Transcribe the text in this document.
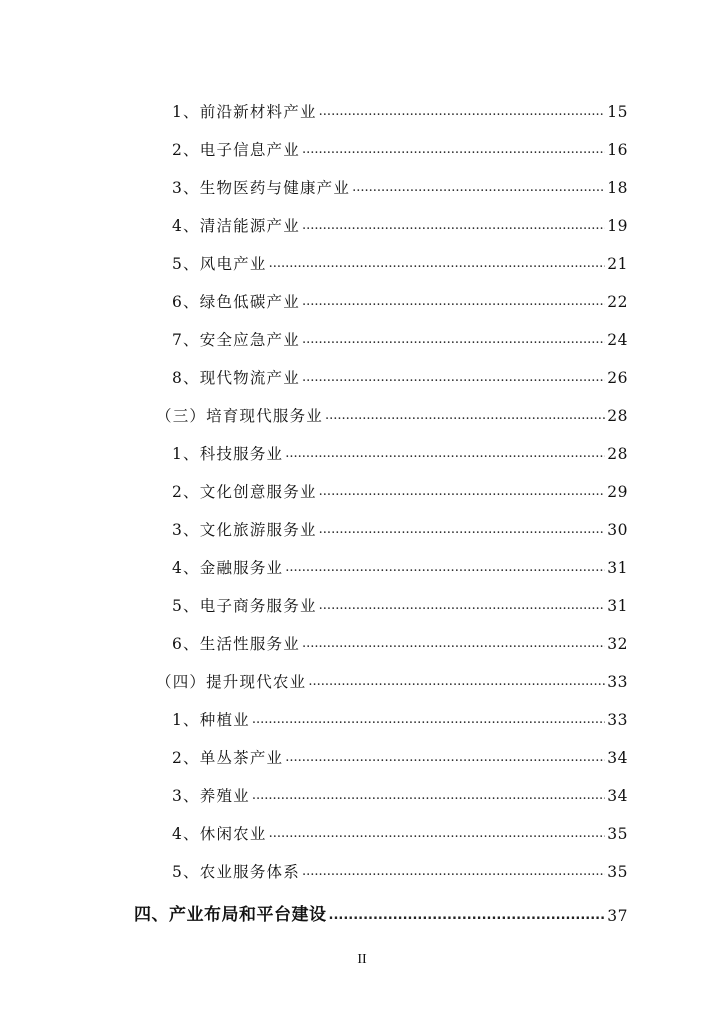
1、前沿新材料产业 .....	15
2、电子信息产业 .....	16
3、生物医药与健康产业 .....	18
4、清洁能源产业 .....	19
5、风电产业 .....	21
6、绿色低碳产业 .....	22
7、安全应急产业 .....	24
8、现代物流产业 .....	26
（三）培育现代服务业 .....	28
1、科技服务业 .....	28
2、文化创意服务业 .....	29
3、文化旅游服务业 .....	30
4、金融服务业 .....	31
5、电子商务服务业 .....	31
6、生活性服务业 .....	32
（四）提升现代农业 .....	33
1、种植业 .....	33
2、单丛茶产业 .....	34
3、养殖业 .....	34
4、休闲农业 .....	35
5、农业服务体系 .....	35
四、产业布局和平台建设 .....	37
II
